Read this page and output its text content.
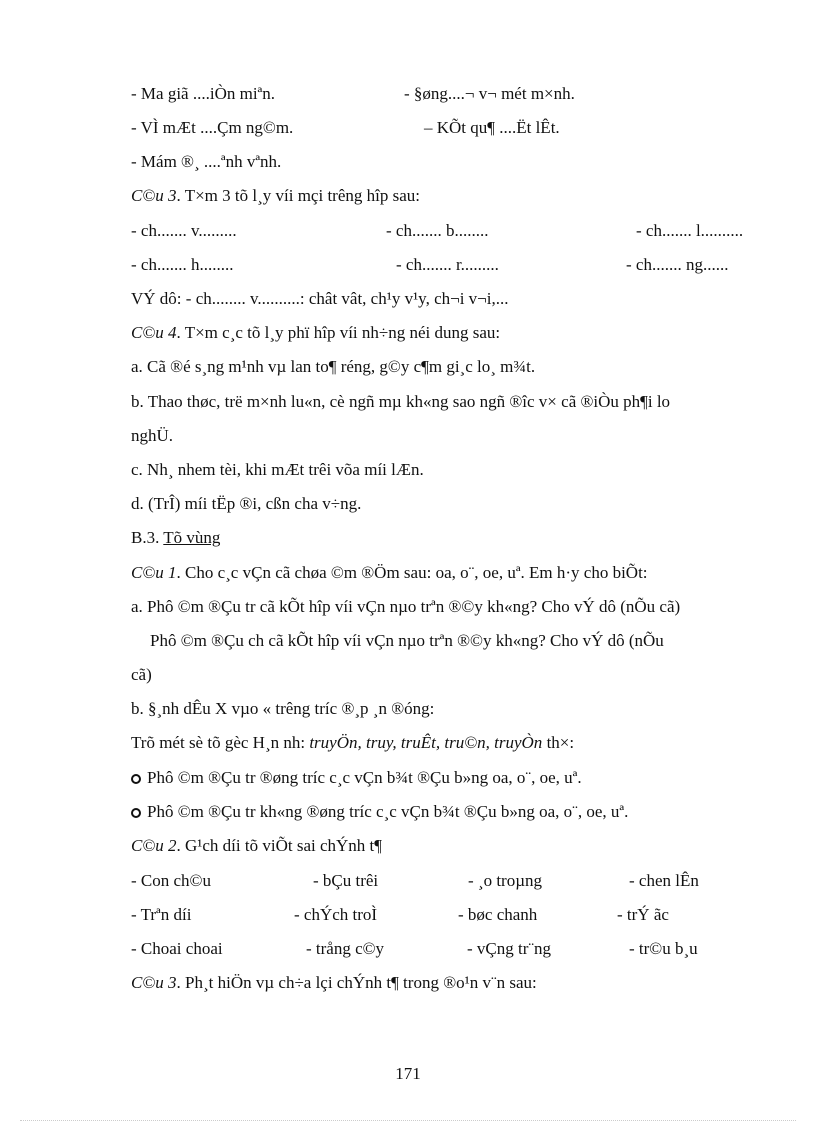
- Ma giã ....iÒn miªn.	- §øng....¬ v¬ mét m×nh.
- VÌ mÆt ....Çm ng©m.	– KÕt qu¶ ....Ët lÊt.
- Mám ®¸ ....ªnh vªnh.
C©u 3. T×m 3 tõ l¸y víi mçi trêng hîp sau:
- ch....... v.........	- ch....... b........	- ch....... l..........
- ch....... h........	- ch....... r.........	- ch....... ng......
VÝ dô: - ch........ v..........: chât vât, ch¹y v¹y, ch¬i v¬i,...
C©u 4. T×m c¸c tõ l¸y phï hîp víi nh÷ng néi dung sau:
a. Cã ®é s¸ng m¹nh vµ lan to¶ réng, g©y c¶m gi¸c lo¸ m¾t.
b. Thao thøc, trë m×nh lu«n, cè ngñ mµ kh«ng sao ngñ ®îc v× cã ®iÒu ph¶i lo
nghÜ.
c. Nh¸ nhem tèi, khi mÆt trêi võa míi lÆn.
d. (TrÎ) míi tËp ®i, cßn cha v÷ng.
B.3. Tõ vùng
C©u 1. Cho c¸c vÇn cã chøa ©m ®Öm sau: oa, o¨, oe, uª. Em h·y cho biÕt:
a. Phô ©m ®Çu tr cã kÕt hîp víi vÇn nµo trªn ®©y kh«ng? Cho vÝ dô (nÕu cã)
Phô ©m ®Çu ch cã kÕt hîp víi vÇn nµo trªn ®©y kh«ng? Cho vÝ dô (nÕu
cã)
b. §¸nh dÊu X vµo « trêng tríc ®¸p ¸n ®óng:
Trõ mét sè tõ gèc H¸n nh: truyÖn, truy, truÊt, tru©n, truyÒn th×:
Phô ©m ®Çu tr ®øng tríc c¸c vÇn b¾t ®Çu b»ng oa, o¨, oe, uª.
Phô ©m ®Çu tr kh«ng ®øng tríc c¸c vÇn b¾t ®Çu b»ng oa, o¨, oe, uª.
C©u 2. G¹ch díi tõ viÕt sai chÝnh t¶
- Con ch©u	- bÇu trêi	- ¸o troµng	- chen lÊn
- Trªn díi	- chÝch troÌ	- bøc chanh	- trÝ ãc
- Choai choai	- trång c©y	- vÇng tr¨ng	- tr©u b¸u
C©u 3. Ph¸t hiÖn vµ ch÷a lçi chÝnh t¶ trong ®o¹n v¨n sau:
171
